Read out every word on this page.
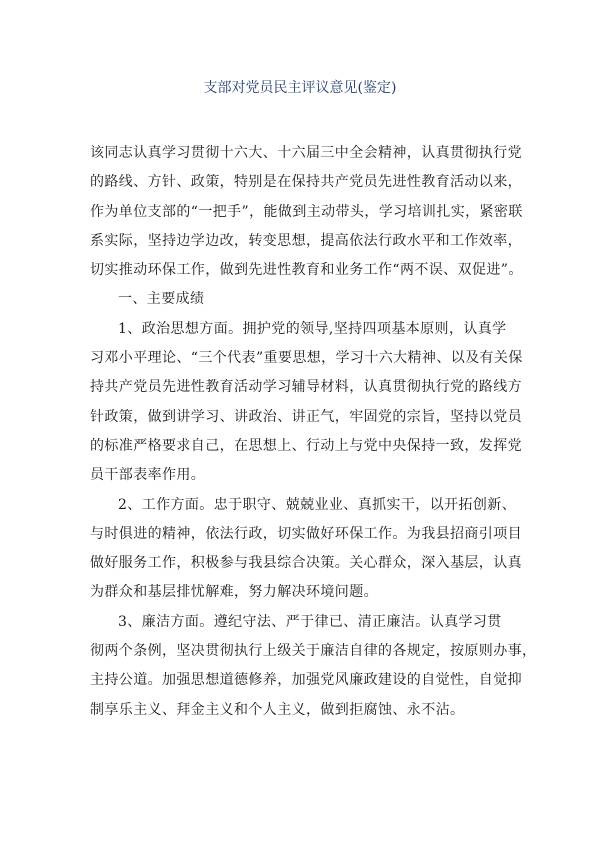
支部对党员民主评议意见(鉴定)

该同志认真学习贯彻十六大、十六届三中全会精神，认真贯彻执行党
的路线、方针、政策，特别是在保持共产党员先进性教育活动以来，
作为单位支部的“一把手”，能做到主动带头，学习培训扎实，紧密联
系实际，坚持边学边改，转变思想，提高依法行政水平和工作效率，
切实推动环保工作，做到先进性教育和业务工作“两不误、双促进”。

一、主要成绩

1、政治思想方面。拥护党的领导,坚持四项基本原则，认真学
习邓小平理论、“三个代表”重要思想，学习十六大精神、以及有关保
持共产党员先进性教育活动学习辅导材料，认真贯彻执行党的路线方
针政策，做到讲学习、讲政治、讲正气，牢固党的宗旨，坚持以党员
的标准严格要求自己，在思想上、行动上与党中央保持一致，发挥党
员干部表率作用。

2、工作方面。忠于职守、兢兢业业、真抓实干，以开拓创新、
与时俱进的精神，依法行政，切实做好环保工作。为我县招商引项目
做好服务工作，积极参与我县综合决策。关心群众，深入基层，认真
为群众和基层排忧解难，努力解决环境问题。

3、廉洁方面。遵纪守法、严于律已、清正廉洁。认真学习贯
彻两个条例，坚决贯彻执行上级关于廉洁自律的各规定，按原则办事，
主持公道。加强思想道德修养，加强党风廉政建设的自觉性，自觉抑
制享乐主义、拜金主义和个人主义，做到拒腐蚀、永不沾。
